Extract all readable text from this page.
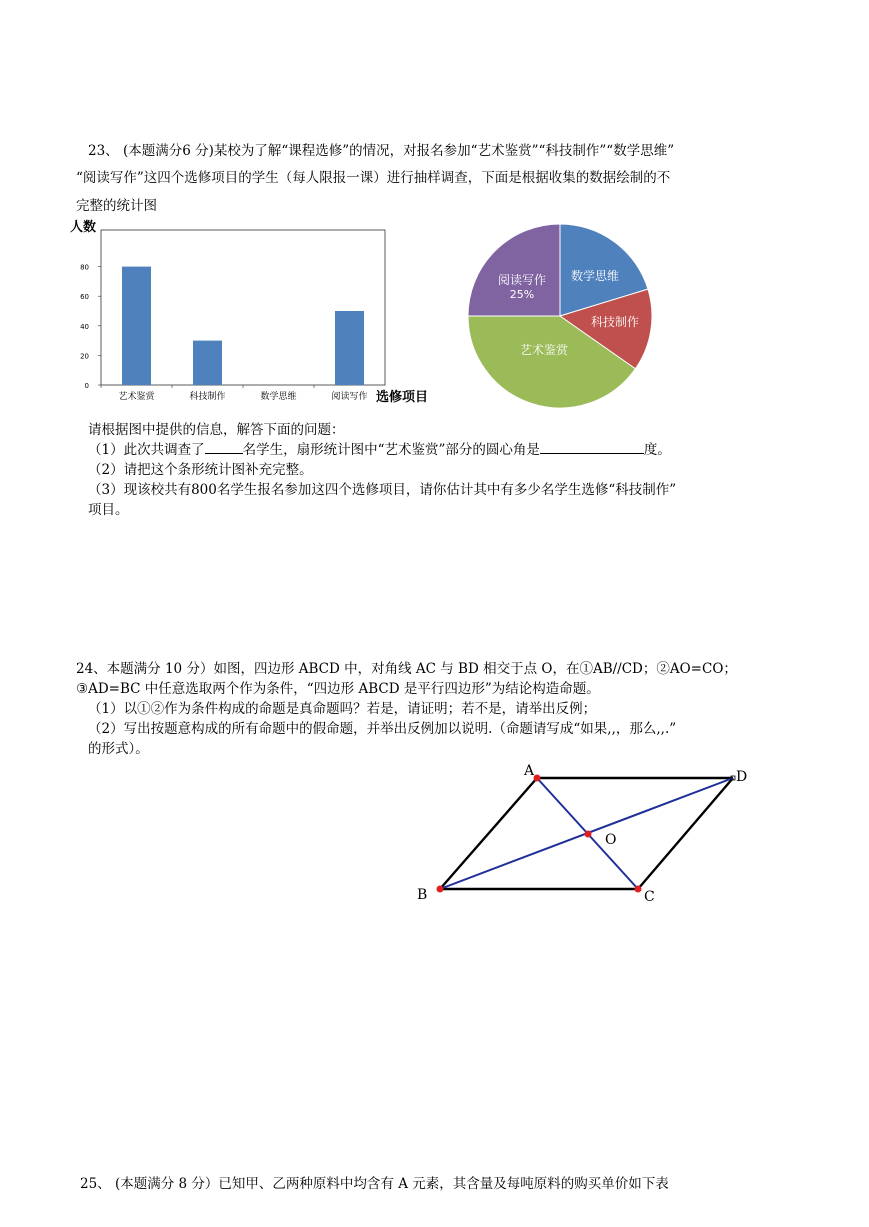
23、 (本题满分6 分)某校为了解“课程选修”的情况，对报名参加“艺术鉴赏”“科技制作”“数学思维”
“阅读写作”这四个选修项目的学生（每人限报一课）进行抽样调查，下面是根据收集的数据绘制的不
完整的统计图
人数
0
20
40
60
80
艺术鉴赏	科技制作	数学思维	阅读写作 选修项目
数学思维
科技制作
艺术鉴赏
阅读写作
25%
请根据图中提供的信息，解答下面的问题：
（1）此次共调查了	名学生，扇形统计图中“艺术鉴赏”部分的圆心角是	度。
（2）请把这个条形统计图补充完整。
（3）现该校共有800名学生报名参加这四个选修项目，请你估计其中有多少名学生选修“科技制作”
项目。
24、本题满分 10 分）如图，四边形 ABCD 中，对角线 AC 与 BD 相交于点 O，在①AB//CD；②AO=CO；
③AD=BC 中任意选取两个作为条件，“四边形 ABCD 是平行四边形”为结论构造命题。
（1）以①②作为条件构成的命题是真命题吗？若是，请证明；若不是，请举出反例；
（2）写出按题意构成的所有命题中的假命题，并举出反例加以说明.（命题请写成“如果,,，那么,,.”
的形式）。
A	D
B	C
O
25、 (本题满分 8 分）已知甲、乙两种原料中均含有 A 元素，其含量及每吨原料的购买单价如下表
